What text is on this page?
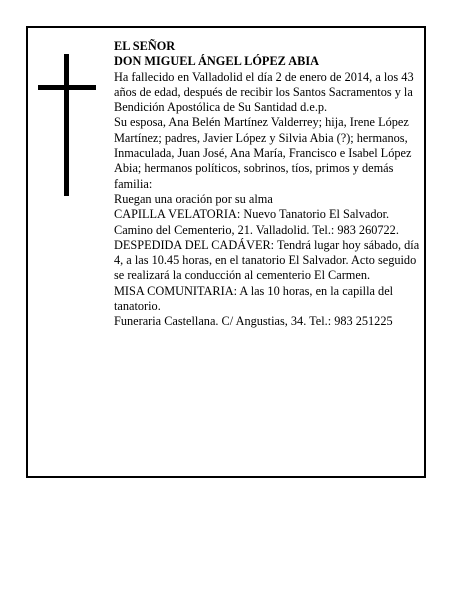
EL SEÑOR

DON MIGUEL ÁNGEL LÓPEZ ABIA

Ha fallecido en Valladolid el día 2 de enero de 2014, a los 43 años de edad, después de recibir los Santos Sacramentos y la Bendición Apostólica de Su Santidad d.e.p.

Su esposa, Ana Belén Martínez Valderrey; hija, Irene López Martínez; padres, Javier López y Silvia Abia (?); hermanos, Inmaculada, Juan José, Ana María, Francisco e Isabel López Abia; hermanos políticos, sobrinos, tíos, primos y demás familia:

Ruegan una oración por su alma

CAPILLA VELATORIA: Nuevo Tanatorio El Salvador. Camino del Cementerio, 21. Valladolid. Tel.: 983 260722.

DESPEDIDA DEL CADÁVER: Tendrá lugar hoy sábado, día 4, a las 10.45 horas, en el tanatorio El Salvador. Acto seguido se realizará la conducción al cementerio El Carmen.

MISA COMUNITARIA: A las 10 horas, en la capilla del tanatorio.

Funeraria Castellana. C/ Angustias, 34. Tel.: 983 251225
